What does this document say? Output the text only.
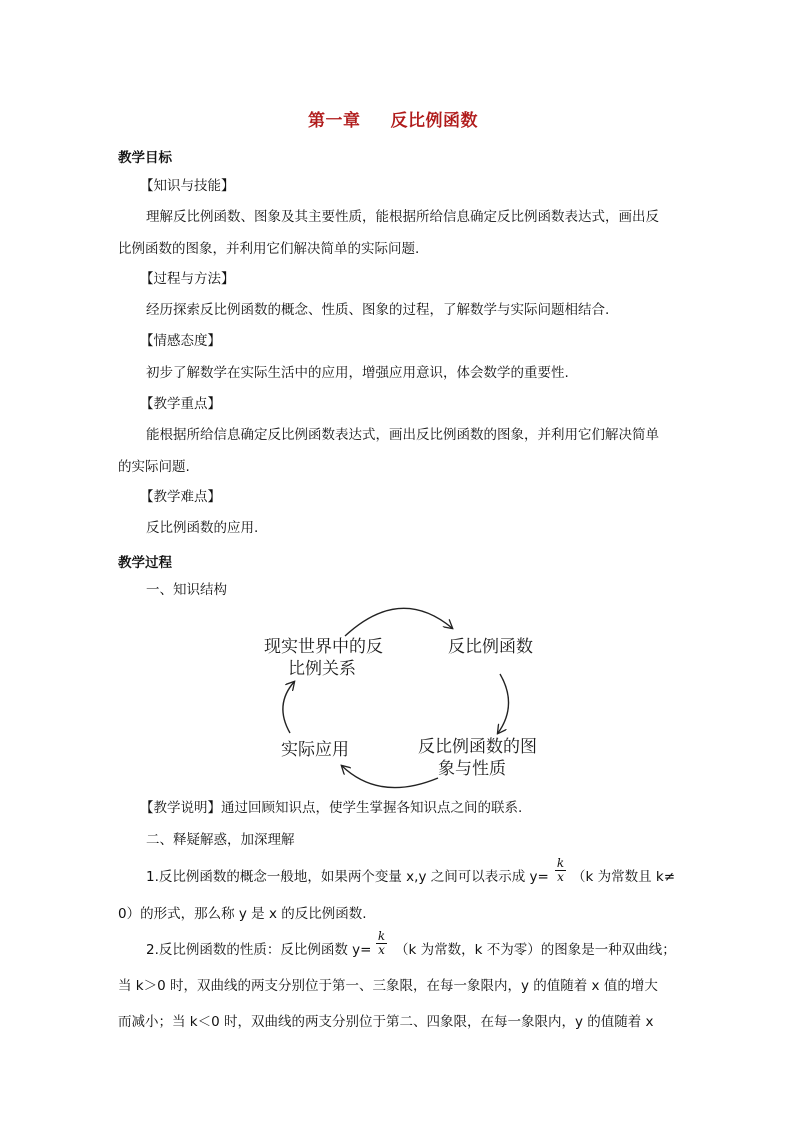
第一章 反比例函数
教学目标
【知识与技能】
理解反比例函数、图象及其主要性质，能根据所给信息确定反比例函数表达式，画出反
比例函数的图象，并利用它们解决简单的实际问题.
【过程与方法】
经历探索反比例函数的概念、性质、图象的过程，了解数学与实际问题相结合.
【情感态度】
初步了解数学在实际生活中的应用，增强应用意识，体会数学的重要性.
【教学重点】
能根据所给信息确定反比例函数表达式，画出反比例函数的图象，并利用它们解决简单
的实际问题.
【教学难点】
反比例函数的应用.
教学过程
一、知识结构
现实世界中的反
比例关系
反比例函数
反比例函数的图
象与性质
实际应用
【教学说明】通过回顾知识点，使学生掌握各知识点之间的联系.
二、释疑解惑，加深理解
1.反比例函数的概念一般地，如果两个变量 x,y 之间可以表示成 y=
k
x （k 为常数且 k≠
0）的形式，那么称 y 是 x 的反比例函数.
2.反比例函数的性质：反比例函数 y=
k
x （k 为常数，k 不为零）的图象是一种双曲线；
当 k＞0 时，双曲线的两支分别位于第一、三象限，在每一象限内，y 的值随着 x 值的增大
而减小；当 k＜0 时，双曲线的两支分别位于第二、四象限，在每一象限内，y 的值随着 x
